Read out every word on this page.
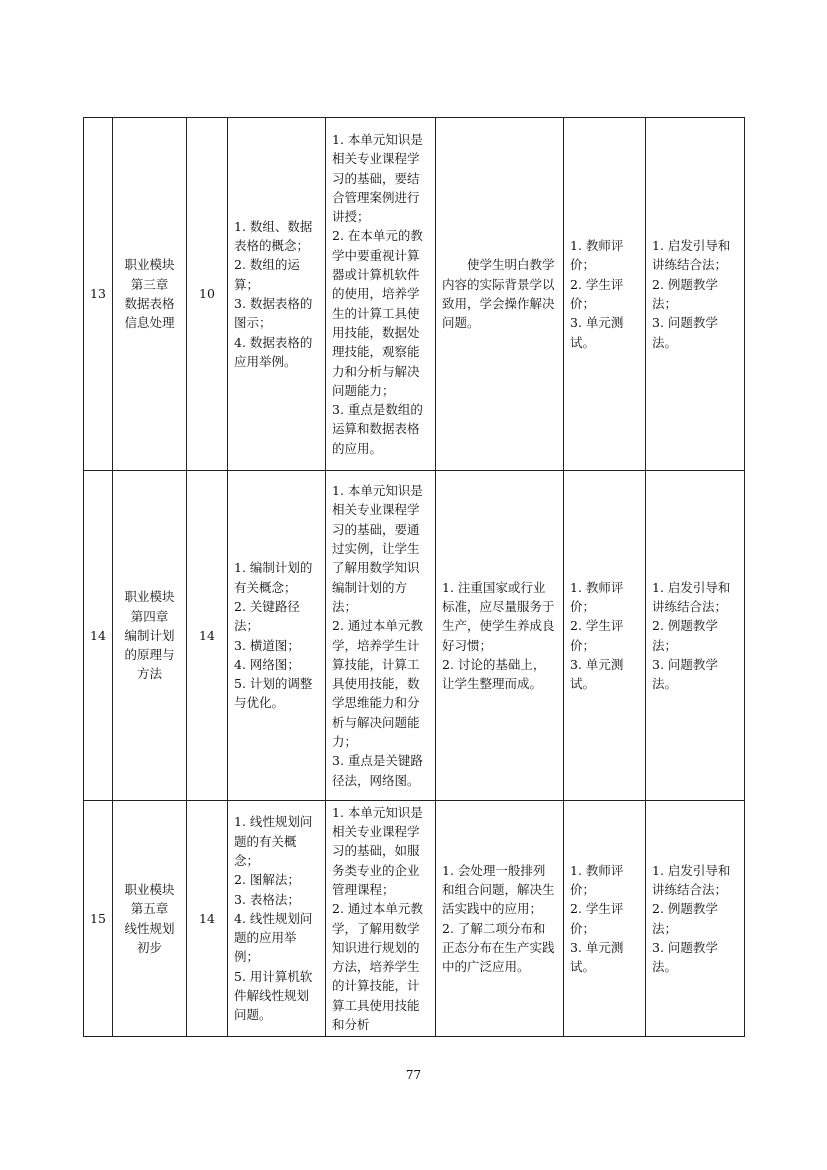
13	职业模块
第三章
数据表格
信息处理	10	1. 数组、数据表格的概念；
2. 数组的运算；
3. 数据表格的图示；
4. 数据表格的应用举例。	1. 本单元知识是相关专业课程学习的基础，要结合管理案例进行讲授；
2. 在本单元的教学中要重视计算器或计算机软件的使用，培养学生的计算工具使用技能，数据处理技能，观察能力和分析与解决问题能力；
3. 重点是数组的运算和数据表格的应用。	使学生明白教学内容的实际背景学以致用，学会操作解决问题。	1. 教师评价；
2. 学生评价；
3. 单元测试。	1. 启发引导和讲练结合法；
2. 例题教学法；
3. 问题教学法。

14	职业模块
第四章
编制计划
的原理与
方法	14	1. 编制计划的有关概念；
2. 关键路径法；
3. 横道图；
4. 网络图；
5. 计划的调整与优化。	1. 本单元知识是相关专业课程学习的基础，要通过实例，让学生了解用数学知识编制计划的方法；
2. 通过本单元教学，培养学生计算技能，计算工具使用技能，数学思维能力和分析与解决问题能力；
3. 重点是关键路径法，网络图。	1. 注重国家或行业标准，应尽量服务于生产，使学生养成良好习惯；
2. 讨论的基础上，让学生整理而成。	1. 教师评价；
2. 学生评价；
3. 单元测试。	1. 启发引导和讲练结合法；
2. 例题教学法；
3. 问题教学法。

15	职业模块
第五章
线性规划
初步	14	1. 线性规划问题的有关概念；
2. 图解法；
3. 表格法；
4. 线性规划问题的应用举例；
5. 用计算机软件解线性规划问题。	1. 本单元知识是相关专业课程学习的基础，如服务类专业的企业管理课程；
2. 通过本单元教学，了解用数学知识进行规划的方法，培养学生的计算技能，计算工具使用技能和分析	1. 会处理一般排列和组合问题，解决生活实践中的应用；
2. 了解二项分布和正态分布在生产实践中的广泛应用。	1. 教师评价；
2. 学生评价；
3. 单元测试。	1. 启发引导和讲练结合法；
2. 例题教学法；
3. 问题教学法。
77
